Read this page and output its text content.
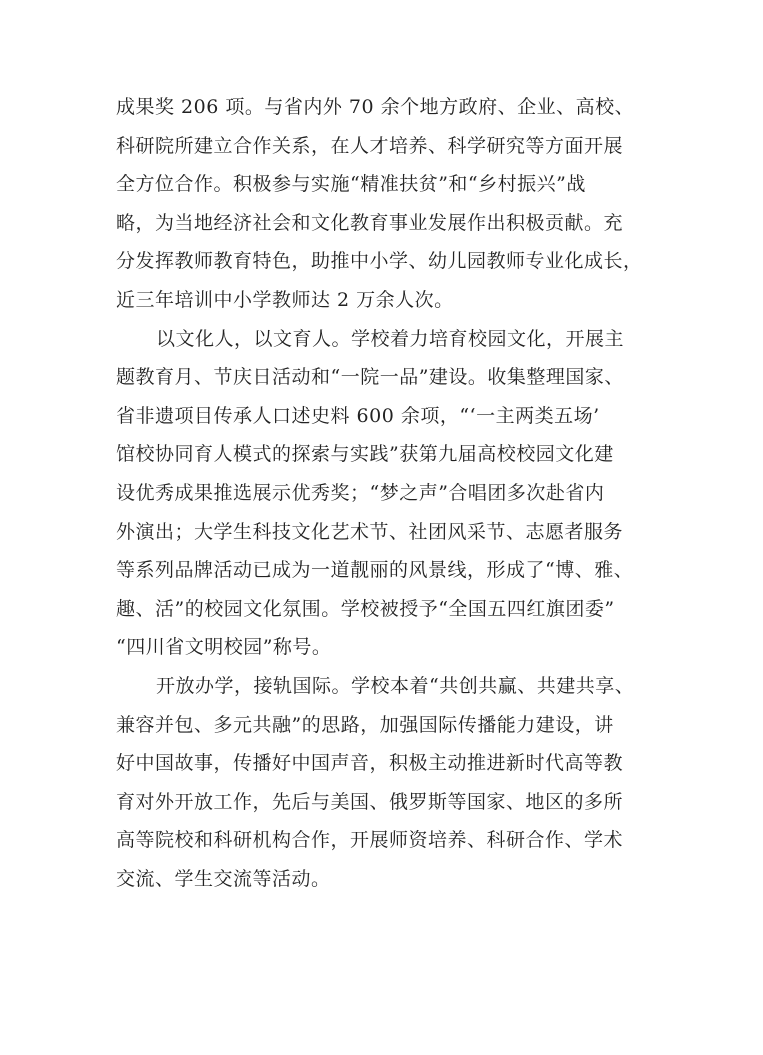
成果奖 206 项。与省内外 70 余个地方政府、企业、高校、
科研院所建立合作关系，在人才培养、科学研究等方面开展
全方位合作。积极参与实施“精准扶贫”和“乡村振兴”战
略，为当地经济社会和文化教育事业发展作出积极贡献。充
分发挥教师教育特色，助推中小学、幼儿园教师专业化成长，
近三年培训中小学教师达 2 万余人次。
以文化人，以文育人。学校着力培育校园文化，开展主
题教育月、节庆日活动和“一院一品”建设。收集整理国家、
省非遗项目传承人口述史料 600 余项，“‘一主两类五场’
馆校协同育人模式的探索与实践”获第九届高校校园文化建
设优秀成果推选展示优秀奖；“梦之声”合唱团多次赴省内
外演出；大学生科技文化艺术节、社团风采节、志愿者服务
等系列品牌活动已成为一道靓丽的风景线，形成了“博、雅、
趣、活”的校园文化氛围。学校被授予“全国五四红旗团委”
“四川省文明校园”称号。
开放办学，接轨国际。学校本着“共创共赢、共建共享、
兼容并包、多元共融”的思路，加强国际传播能力建设，讲
好中国故事，传播好中国声音，积极主动推进新时代高等教
育对外开放工作，先后与美国、俄罗斯等国家、地区的多所
高等院校和科研机构合作，开展师资培养、科研合作、学术
交流、学生交流等活动。
